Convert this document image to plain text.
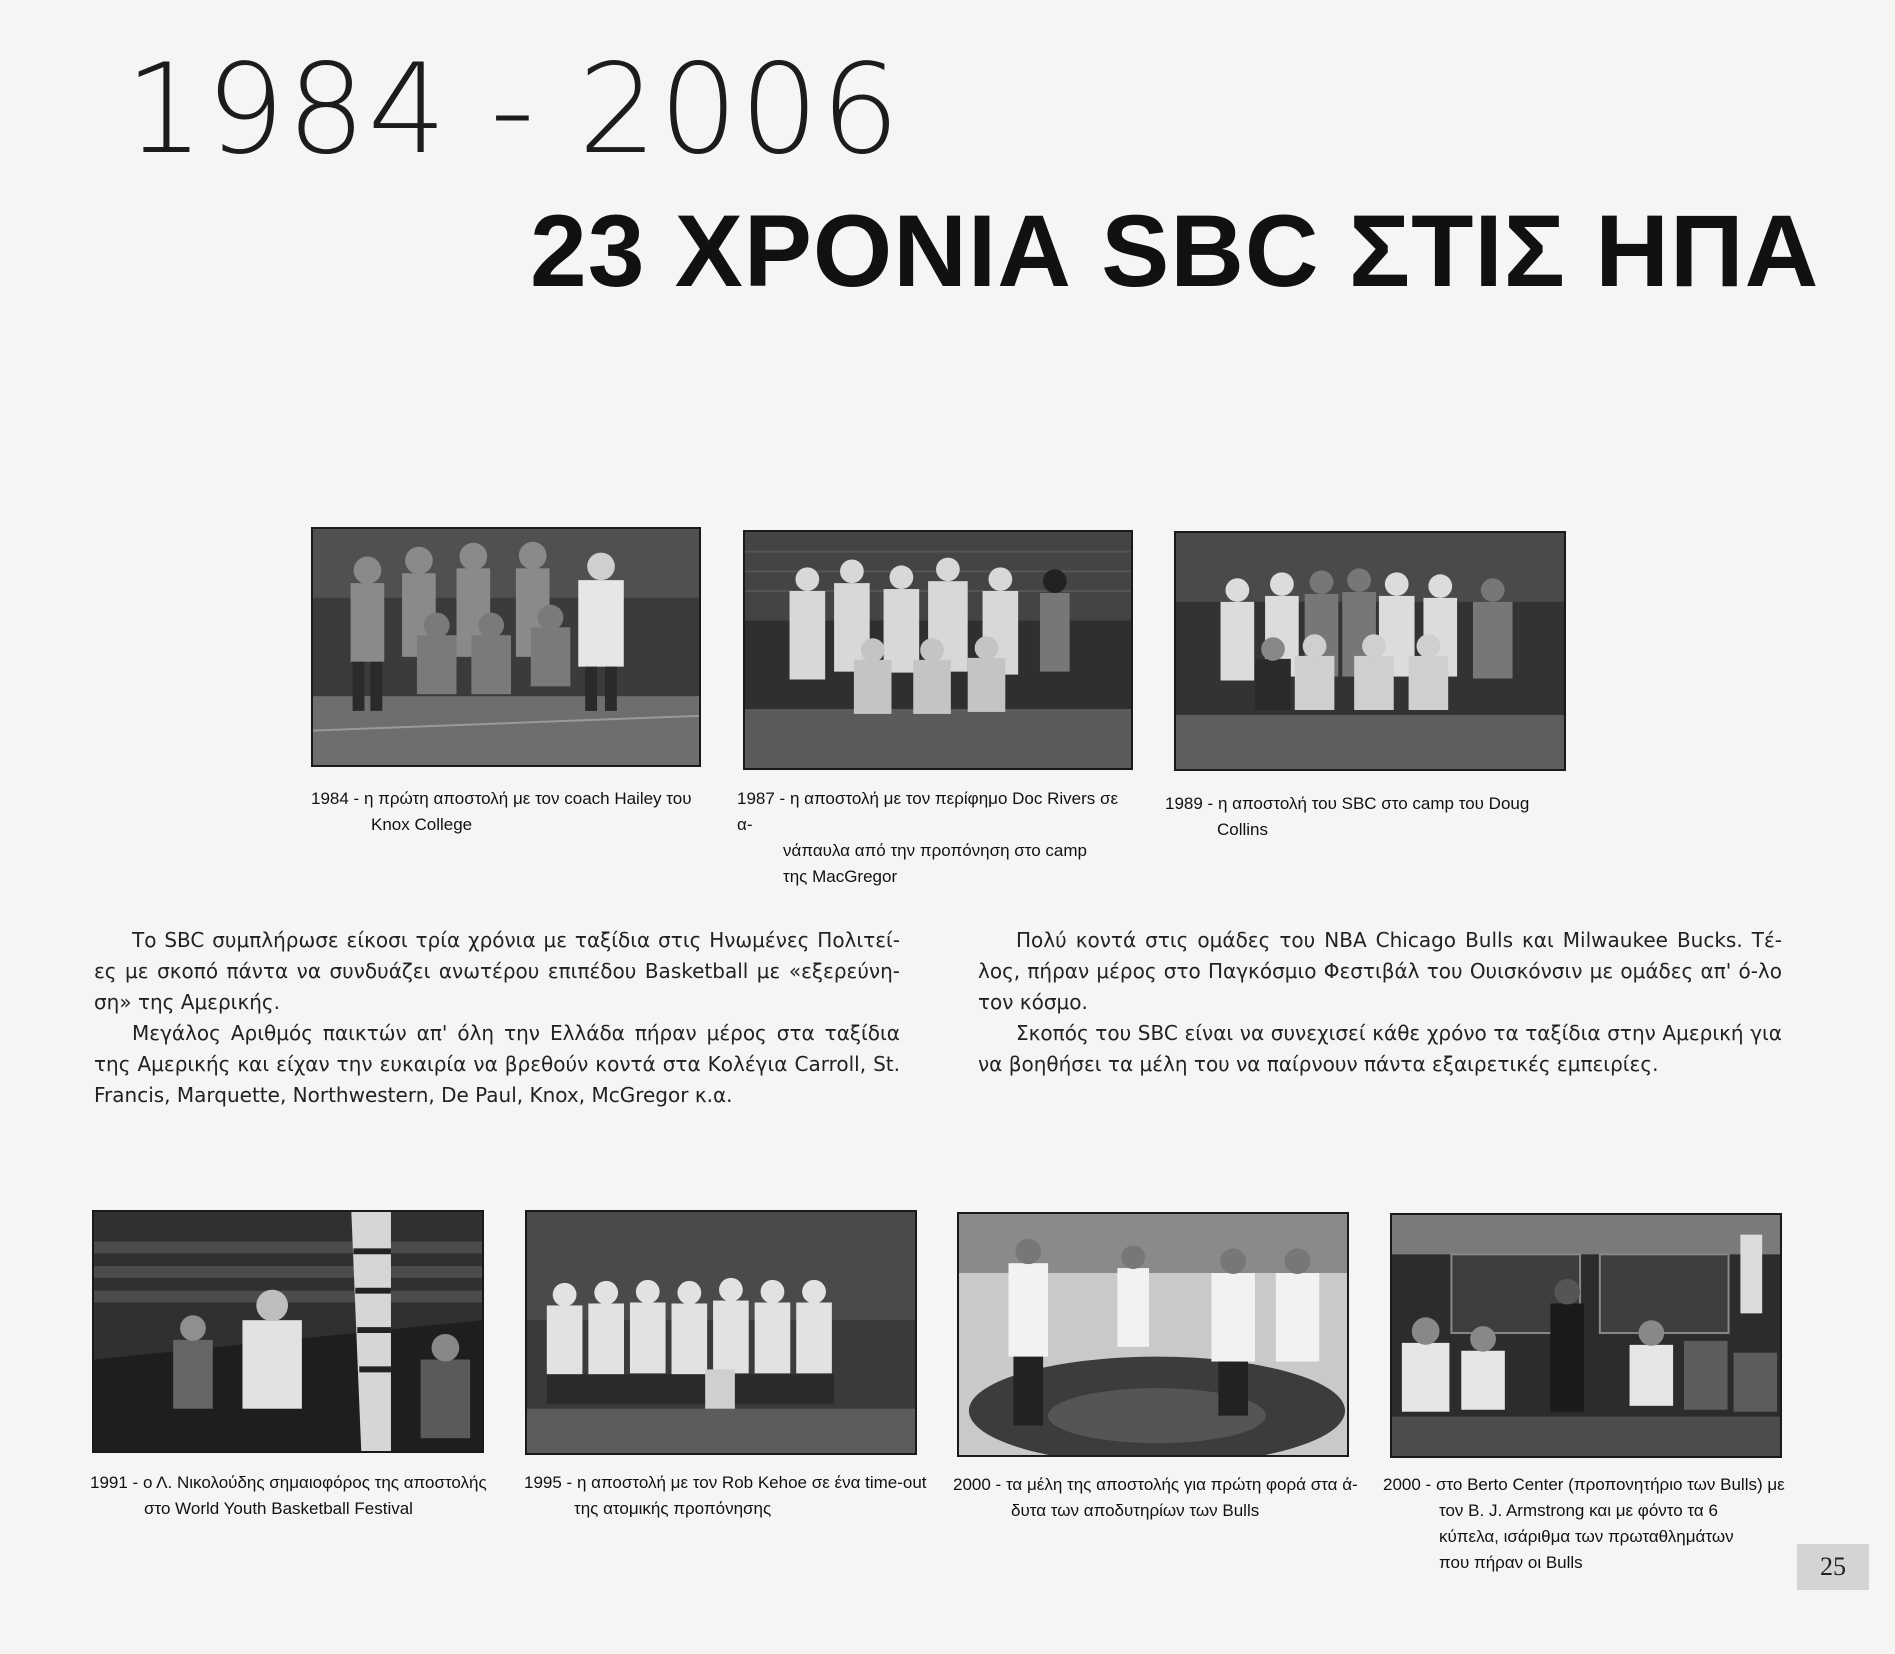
1984 - 2006
23 ΧΡΟΝΙΑ SBC ΣΤΙΣ ΗΠΑ

1984 - η πρώτη αποστολή με τον coach Hailey του
Knox College

1987 - η αποστολή με τον περίφημο Doc Rivers σε α-
νάπαυλα από την προπόνηση στο camp της MacGregor

1989 - η αποστολή του SBC στο camp του Doug
Collins

Το SBC συμπλήρωσε είκοσι τρία χρόνια με ταξίδια στις Ηνωμένες Πολιτεί-ες με σκοπό πάντα να συνδυάζει ανωτέρου επιπέδου Basketball με «εξερεύνη-ση» της Αμερικής.

Μεγάλος Αριθμός παικτών απ' όλη την Ελλάδα πήραν μέρος στα ταξίδια της Αμερικής και είχαν την ευκαιρία να βρεθούν κοντά στα Κολέγια Carroll, St. Francis, Marquette, Northwestern, De Paul, Knox, McGregor κ.α.

Πολύ κοντά στις ομάδες του NBA Chicago Bulls και Milwaukee Bucks. Τέ-λος, πήραν μέρος στο Παγκόσμιο Φεστιβάλ του Ουισκόνσιν με ομάδες απ' ό-λο τον κόσμο.

Σκοπός του SBC είναι να συνεχισεί κάθε χρόνο τα ταξίδια στην Αμερική για να βοηθήσει τα μέλη του να παίρνουν πάντα εξαιρετικές εμπειρίες.

1991 - ο Λ. Νικολούδης σημαιοφόρος της αποστολής
στο World Youth Basketball Festival

1995 - η αποστολή με τον Rob Kehoe σε ένα time-out
της ατομικής προπόνησης

2000 - τα μέλη της αποστολής για πρώτη φορά στα ά-
δυτα των αποδυτηρίων των Bulls

2000 - στο Berto Center (προπονητήριο των Bulls) με
τον B. J. Armstrong και με φόντο τα 6 κύπελα, ισάριθμα των πρωταθλημάτων που πήραν οι Bulls	25
